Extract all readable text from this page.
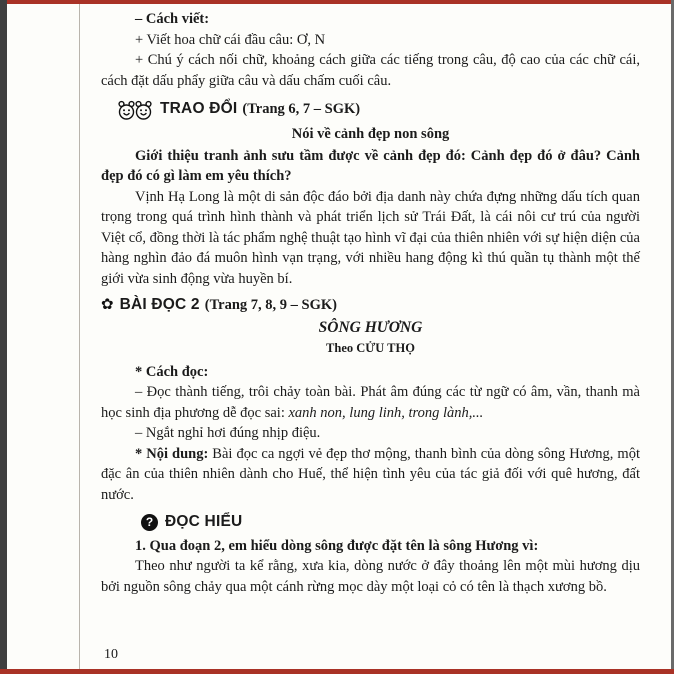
– Cách viết:

+ Viết hoa chữ cái đầu câu: Ơ, N

+ Chú ý cách nối chữ, khoảng cách giữa các tiếng trong câu, độ cao của các chữ cái, cách đặt dấu phẩy giữa câu và dấu chấm cuối câu.

TRAO ĐỔI (Trang 6, 7 – SGK)

Nói về cảnh đẹp non sông

Giới thiệu tranh ảnh sưu tầm được về cảnh đẹp đó: Cảnh đẹp đó ở đâu? Cảnh đẹp đó có gì làm em yêu thích?

Vịnh Hạ Long là một di sản độc đáo bởi địa danh này chứa đựng những dấu tích quan trọng trong quá trình hình thành và phát triển lịch sử Trái Đất, là cái nôi cư trú của người Việt cổ, đồng thời là tác phẩm nghệ thuật tạo hình vĩ đại của thiên nhiên với sự hiện diện của hàng nghìn đảo đá muôn hình vạn trạng, với nhiều hang động kì thú quần tụ thành một thế giới vừa sinh động vừa huyền bí.

✿ BÀI ĐỌC 2 (Trang 7, 8, 9 – SGK)

SÔNG HƯƠNG

Theo CỬU THỌ

* Cách đọc:

– Đọc thành tiếng, trôi chảy toàn bài. Phát âm đúng các từ ngữ có âm, vần, thanh mà học sinh địa phương dễ đọc sai: xanh non, lung linh, trong lành,...

– Ngắt nghỉ hơi đúng nhịp điệu.

* Nội dung: Bài đọc ca ngợi vẻ đẹp thơ mộng, thanh bình của dòng sông Hương, một đặc ân của thiên nhiên dành cho Huế, thể hiện tình yêu của tác giả đối với quê hương, đất nước.

? ĐỌC HIỂU

1. Qua đoạn 2, em hiểu dòng sông được đặt tên là sông Hương vì:

Theo như người ta kể rằng, xưa kia, dòng nước ở đây thoảng lên một mùi hương dịu bởi nguồn sông chảy qua một cánh rừng mọc dày một loại cỏ có tên là thạch xương bồ.

10
